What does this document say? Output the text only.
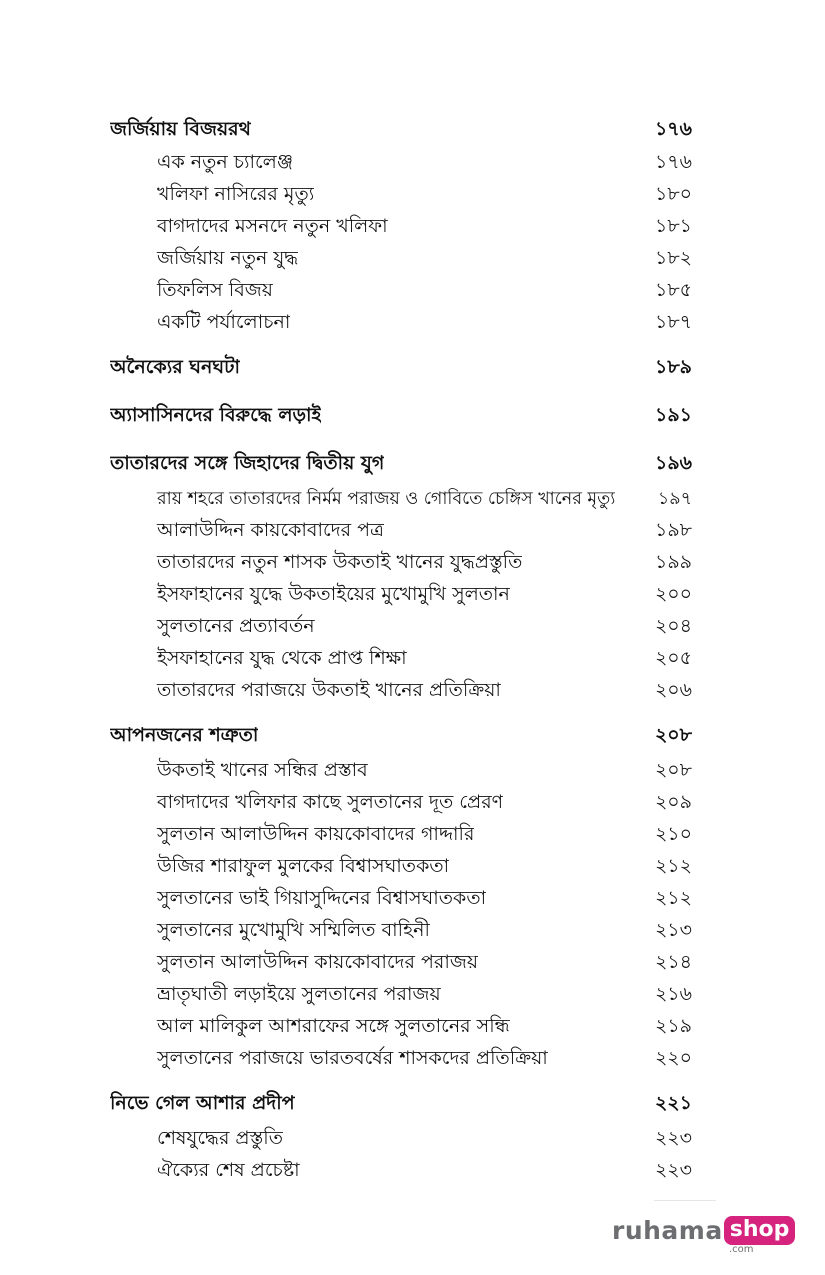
জর্জিয়ায় বিজয়রথ	১৭৬
এক নতুন চ্যালেঞ্জ	১৭৬
খলিফা নাসিরের মৃত্যু	১৮০
বাগদাদের মসনদে নতুন খলিফা	১৮১
জর্জিয়ায় নতুন যুদ্ধ	১৮২
তিফলিস বিজয়	১৮৫
একটি পর্যালোচনা	১৮৭
অনৈক্যের ঘনঘটা	১৮৯
অ্যাসাসিনদের বিরুদ্ধে লড়াই	১৯১
তাতারদের সঙ্গে জিহাদের দ্বিতীয় যুগ	১৯৬
রায় শহরে তাতারদের নির্মম পরাজয় ও গোবিতে চেঙ্গিস খানের মৃত্যু	১৯৭
আলাউদ্দিন কায়কোবাদের পত্র	১৯৮
তাতারদের নতুন শাসক উকতাই খানের যুদ্ধপ্রস্তুতি	১৯৯
ইসফাহানের যুদ্ধে উকতাইয়ের মুখোমুখি সুলতান	২০০
সুলতানের প্রত্যাবর্তন	২০৪
ইসফাহানের যুদ্ধ থেকে প্রাপ্ত শিক্ষা	২০৫
তাতারদের পরাজয়ে উকতাই খানের প্রতিক্রিয়া	২০৬
আপনজনের শত্রুতা	২০৮
উকতাই খানের সন্ধির প্রস্তাব	২০৮
বাগদাদের খলিফার কাছে সুলতানের দূত প্রেরণ	২০৯
সুলতান আলাউদ্দিন কায়কোবাদের গাদ্দারি	২১০
উজির শারাফুল মুলকের বিশ্বাসঘাতকতা	২১২
সুলতানের ভাই গিয়াসুদ্দিনের বিশ্বাসঘাতকতা	২১২
সুলতানের মুখোমুখি সম্মিলিত বাহিনী	২১৩
সুলতান আলাউদ্দিন কায়কোবাদের পরাজয়	২১৪
ভ্রাতৃঘাতী লড়াইয়ে সুলতানের পরাজয়	২১৬
আল মালিকুল আশরাফের সঙ্গে সুলতানের সন্ধি	২১৯
সুলতানের পরাজয়ে ভারতবর্ষের শাসকদের প্রতিক্রিয়া	২২০
নিভে গেল আশার প্রদীপ	২২১
শেষযুদ্ধের প্রস্তুতি	২২৩
ঐক্যের শেষ প্রচেষ্টা	২২৩
ruhama shop
.com
